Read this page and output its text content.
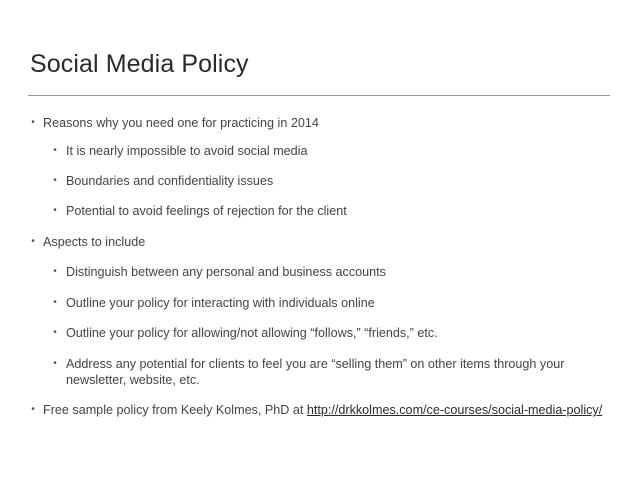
Social Media Policy
• Reasons why you need one for practicing in 2014
• It is nearly impossible to avoid social media
• Boundaries and confidentiality issues
• Potential to avoid feelings of rejection for the client
• Aspects to include
• Distinguish between any personal and business accounts
• Outline your policy for interacting with individuals online
• Outline your policy for allowing/not allowing “follows,” “friends,” etc.
• Address any potential for clients to feel you are “selling them” on other items through your newsletter, website, etc.
• Free sample policy from Keely Kolmes, PhD at http://drkkolmes.com/ce-courses/social-media-policy/
